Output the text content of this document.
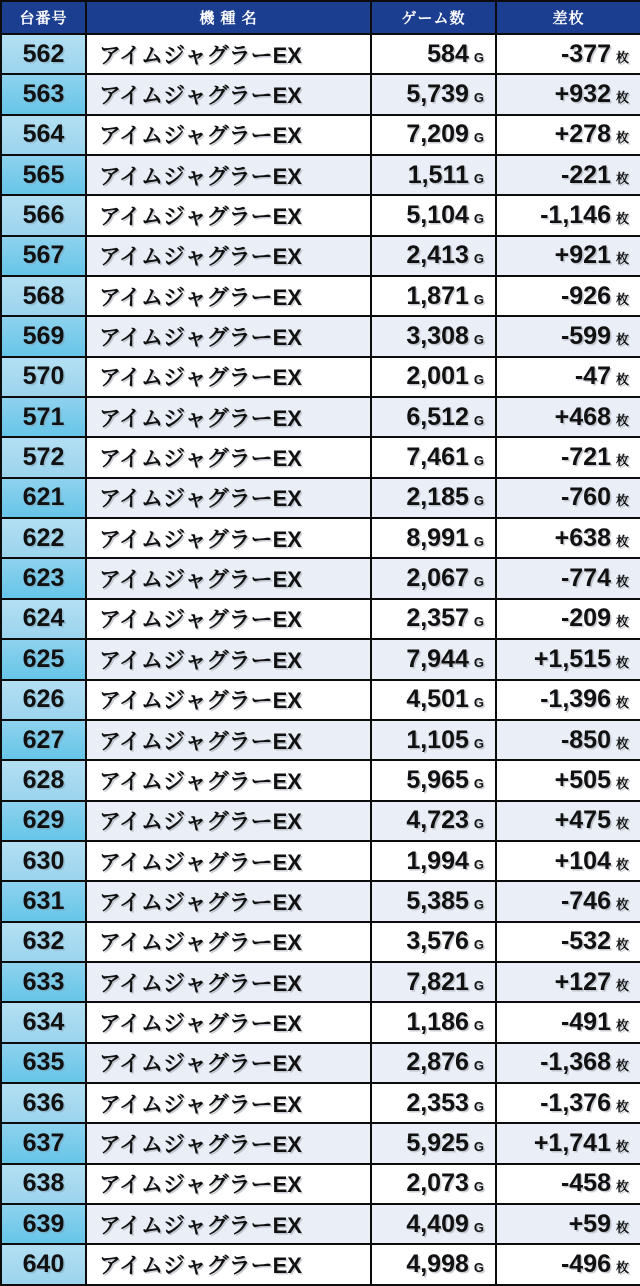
台番号	機 種 名	ゲーム数	差枚
562	アイムジャグラーEX	584 G	-377 枚
563	アイムジャグラーEX	5,739 G	+932 枚
564	アイムジャグラーEX	7,209 G	+278 枚
565	アイムジャグラーEX	1,511 G	-221 枚
566	アイムジャグラーEX	5,104 G	-1,146 枚
567	アイムジャグラーEX	2,413 G	+921 枚
568	アイムジャグラーEX	1,871 G	-926 枚
569	アイムジャグラーEX	3,308 G	-599 枚
570	アイムジャグラーEX	2,001 G	-47 枚
571	アイムジャグラーEX	6,512 G	+468 枚
572	アイムジャグラーEX	7,461 G	-721 枚
621	アイムジャグラーEX	2,185 G	-760 枚
622	アイムジャグラーEX	8,991 G	+638 枚
623	アイムジャグラーEX	2,067 G	-774 枚
624	アイムジャグラーEX	2,357 G	-209 枚
625	アイムジャグラーEX	7,944 G	+1,515 枚
626	アイムジャグラーEX	4,501 G	-1,396 枚
627	アイムジャグラーEX	1,105 G	-850 枚
628	アイムジャグラーEX	5,965 G	+505 枚
629	アイムジャグラーEX	4,723 G	+475 枚
630	アイムジャグラーEX	1,994 G	+104 枚
631	アイムジャグラーEX	5,385 G	-746 枚
632	アイムジャグラーEX	3,576 G	-532 枚
633	アイムジャグラーEX	7,821 G	+127 枚
634	アイムジャグラーEX	1,186 G	-491 枚
635	アイムジャグラーEX	2,876 G	-1,368 枚
636	アイムジャグラーEX	2,353 G	-1,376 枚
637	アイムジャグラーEX	5,925 G	+1,741 枚
638	アイムジャグラーEX	2,073 G	-458 枚
639	アイムジャグラーEX	4,409 G	+59 枚
640	アイムジャグラーEX	4,998 G	-496 枚
